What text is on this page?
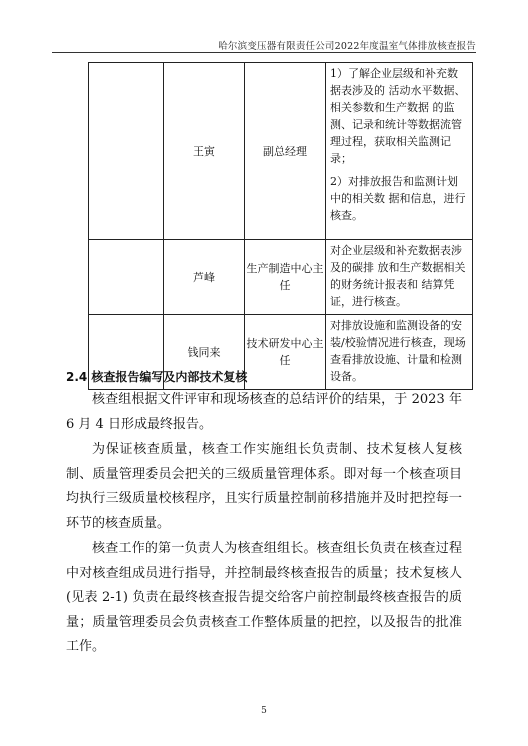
哈尔滨变压器有限责任公司2022年度温室气体排放核查报告
	王寅	副总经理	1）了解企业层级和补充数据表涉及的 活动水平数据、相关参数和生产数据 的监测、记录和统计等数据流管理过程，获取相关监测记录；

2）对排放报告和监测计划中的相关数 据和信息，进行核查。

	芦峰	生产制造中心主任	对企业层级和补充数据表涉及的碳排 放和生产数据相关的财务统计报表和 结算凭证，进行核查。

	钱同来	技术研发中心主任	对排放设施和监测设备的安装/校验情况进行核查，现场查看排放设施、计量和检测设备。

2.4 核查报告编写及内部技术复核

核查组根据文件评审和现场核查的总结评价的结果，于 2023 年 6 月 4 日形成最终报告。

为保证核查质量，核查工作实施组长负责制、技术复核人复核制、质量管理委员会把关的三级质量管理体系。即对每一个核查项目均执行三级质量校核程序，且实行质量控制前移措施并及时把控每一环节的核查质量。

核查工作的第一负责人为核查组组长。核查组长负责在核查过程中对核查组成员进行指导，并控制最终核查报告的质量；技术复核人(见表 2-1) 负责在最终核查报告提交给客户前控制最终核查报告的质量；质量管理委员会负责核查工作整体质量的把控，以及报告的批准工作。

5
